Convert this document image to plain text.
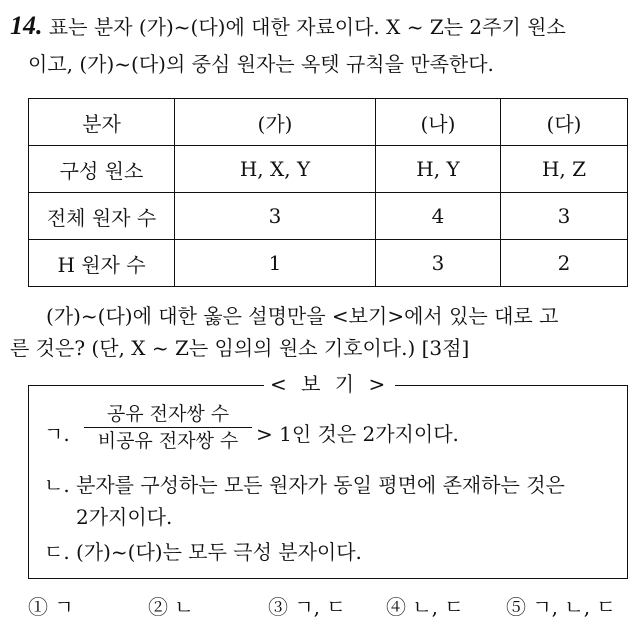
14. 표는 분자 (가)~(다)에 대한 자료이다. X ~ Z는 2주기 원소
이고, (가)~(다)의 중심 원자는 옥텟 규칙을 만족한다.
분자	(가)	(나)	(다)
구성 원소	H, X, Y	H, Y	H, Z
전체 원자 수	3	4	3
H 원자 수	1	3	2
(가)~(다)에 대한 옳은 설명만을 <보기>에서 있는 대로 고
른 것은? (단, X ~ Z는 임의의 원소 기호이다.) [3점]
< 보 기 >
ㄱ.
공유 전자쌍 수
비공유 전자쌍 수 > 1인 것은 2가지이다.
ㄴ. 분자를 구성하는 모든 원자가 동일 평면에 존재하는 것은
2가지이다.
ㄷ. (가)~(다)는 모두 극성 분자이다.
① ㄱ	② ㄴ	③ ㄱ, ㄷ ④ ㄴ, ㄷ ⑤ ㄱ, ㄴ, ㄷ
